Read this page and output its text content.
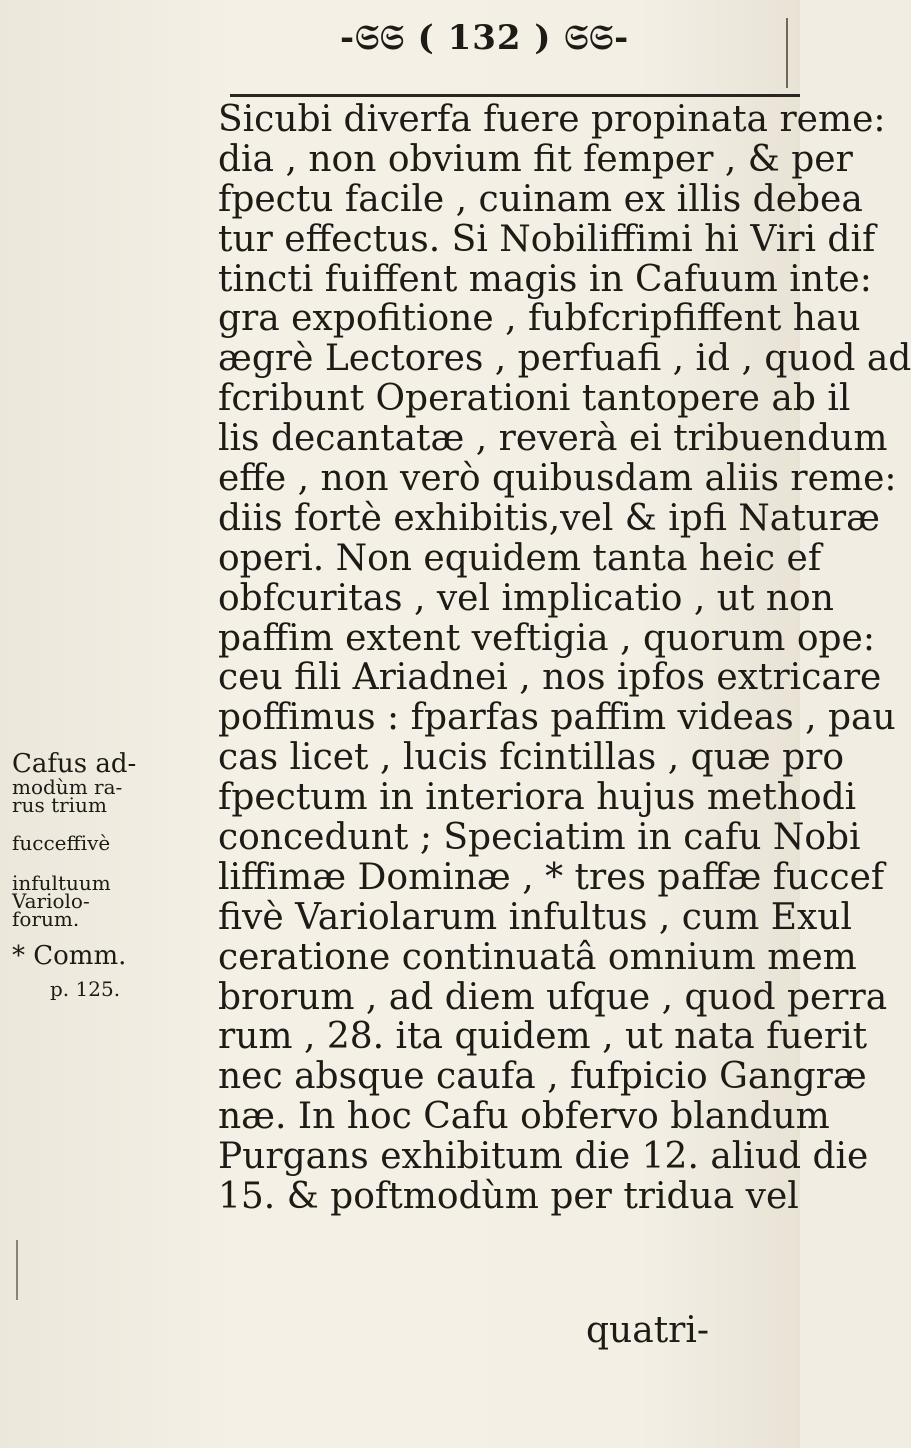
-𝔖𝔖 ( 132 ) 𝔖𝔖-
Sicubi diverfa fuere propinata reme:
dia , non obvium fit femper , & per
fpectu facile , cuinam ex illis debea
tur effectus. Si Nobiliffimi hi Viri dif
tincti fuiffent magis in Cafuum inte:
gra expofitione , fubfcripfiffent hau
ægrè Lectores , perfuafi , id , quod ad
fcribunt Operationi tantopere ab il
lis decantatæ , reverà ei tribuendum
effe , non verò quibusdam aliis reme:
diis fortè exhibitis,vel & ipfi Naturæ
operi. Non equidem tanta heic ef
obfcuritas , vel implicatio , ut non
paffim extent veftigia , quorum ope:
ceu fili Ariadnei , nos ipfos extricare
poffimus : fparfas paffim videas , pau
cas licet , lucis fcintillas , quæ pro
fpectum in interiora hujus methodi
concedunt ; Speciatim in cafu Nobi
liffimæ Dominæ , * tres paffæ fuccef
fivè Variolarum infultus , cum Exul
ceratione continuatâ omnium mem
brorum , ad diem ufque , quod perra
rum , 28. ita quidem , ut nata fuerit
nec absque caufa , fufpicio Gangræ
næ. In hoc Cafu obfervo blandum
Purgans exhibitum die 12. aliud die
15. & poftmodùm per tridua vel
Cafus ad-
modùm ra-
rus trium
fucceffivè
infultuum
Variolo-
forum.
* Comm.
p. 125.
quatri-
